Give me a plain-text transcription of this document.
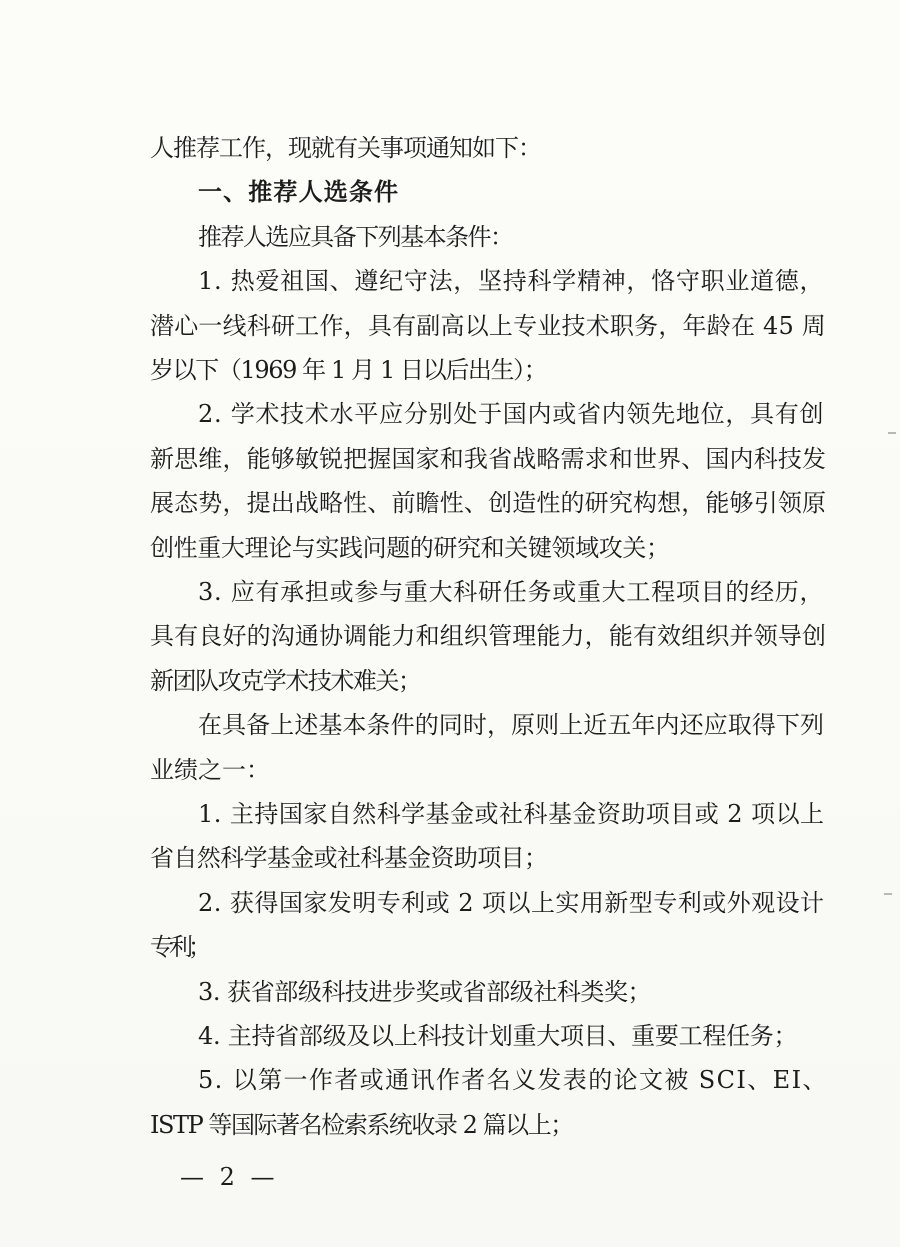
人推荐工作，现就有关事项通知如下：
一、推荐人选条件
推荐人选应具备下列基本条件：
1. 热爱祖国、遵纪守法，坚持科学精神，恪守职业道德，
潜心一线科研工作，具有副高以上专业技术职务，年龄在 45 周
岁以下（1969 年 1 月 1 日以后出生）；
2. 学术技术水平应分别处于国内或省内领先地位，具有创
新思维，能够敏锐把握国家和我省战略需求和世界、国内科技发
展态势，提出战略性、前瞻性、创造性的研究构想，能够引领原
创性重大理论与实践问题的研究和关键领域攻关；
3. 应有承担或参与重大科研任务或重大工程项目的经历，
具有良好的沟通协调能力和组织管理能力，能有效组织并领导创
新团队攻克学术技术难关；
在具备上述基本条件的同时，原则上近五年内还应取得下列
业绩之一：
1. 主持国家自然科学基金或社科基金资助项目或 2 项以上
省自然科学基金或社科基金资助项目；
2. 获得国家发明专利或 2 项以上实用新型专利或外观设计
专利；
3. 获省部级科技进步奖或省部级社科类奖；
4. 主持省部级及以上科技计划重大项目、重要工程任务；
5. 以第一作者或通讯作者名义发表的论文被 SCI、EI、
ISTP 等国际著名检索系统收录 2 篇以上；
— 2 —
